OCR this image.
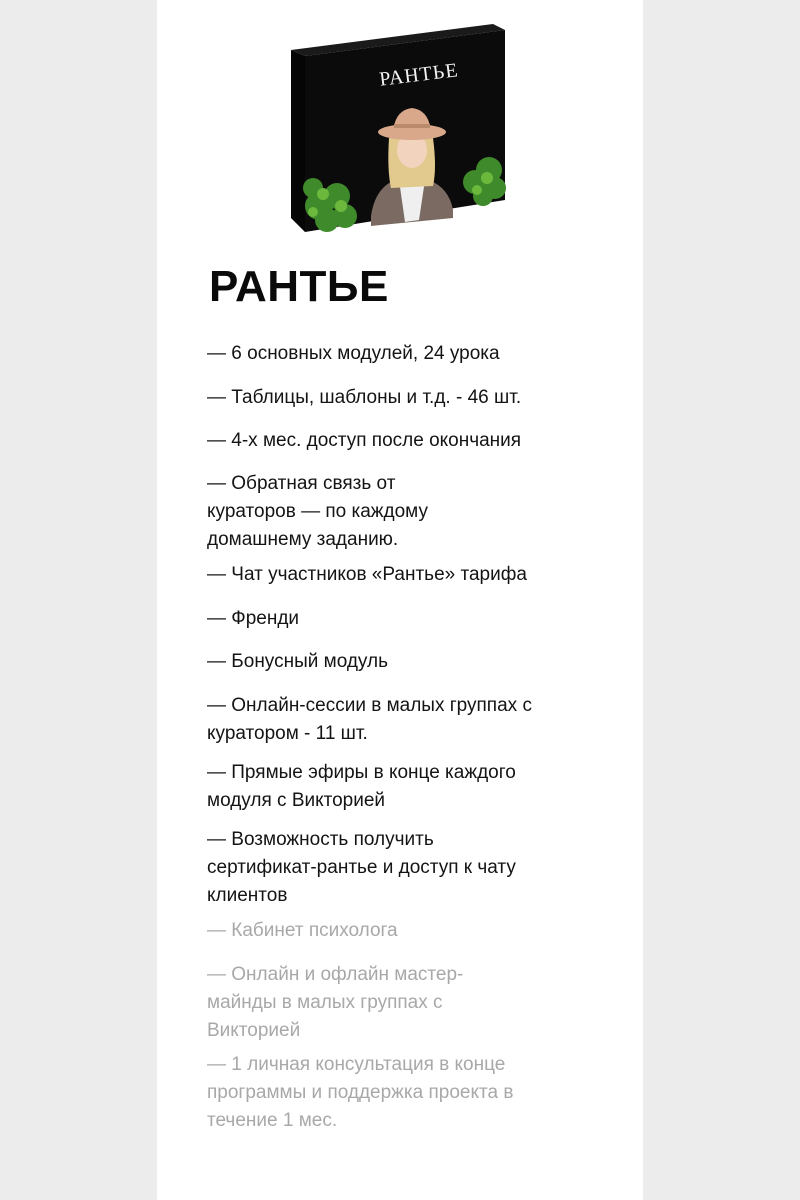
РАНТЬЕ
РАНТЬЕ
— 6 основных модулей, 24 урока
— Таблицы, шаблоны и т.д. - 46 шт.
— 4-х мес. доступ после окончания
— Обратная связь от кураторов — по каждому домашнему заданию.
— Чат участников «Рантье» тарифа
— Френди
— Бонусный модуль
— Онлайн-сессии в малых группах с куратором - 11 шт.
— Прямые эфиры в конце каждого модуля с Викторией
— Возможность получить сертификат-рантье и доступ к чату клиентов
— Кабинет психолога
— Онлайн и офлайн мастер-майнды в малых группах с Викторией
— 1 личная консультация в конце программы и поддержка проекта в течение 1 мес.
